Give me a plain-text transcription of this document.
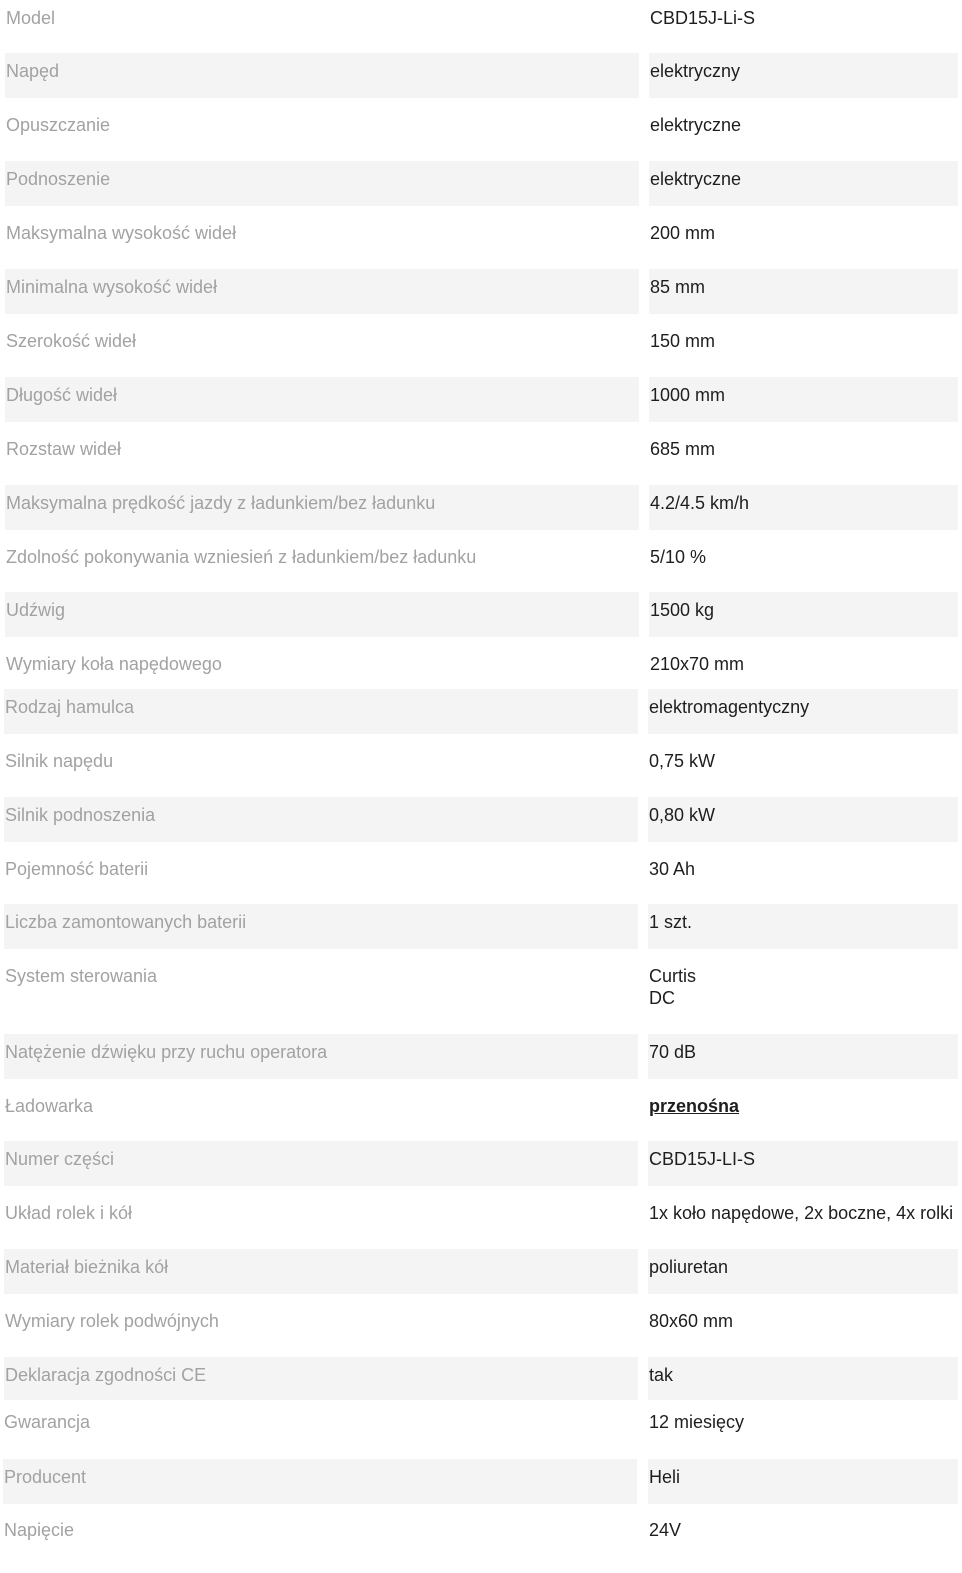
Model	CBD15J-Li-S
Napęd	elektryczny
Opuszczanie	elektryczne
Podnoszenie	elektryczne
Maksymalna wysokość wideł	200 mm
Minimalna wysokość wideł	85 mm
Szerokość wideł	150 mm
Długość wideł	1000 mm
Rozstaw wideł	685 mm
Maksymalna prędkość jazdy z ładunkiem/bez ładunku	4.2/4.5 km/h
Zdolność pokonywania wzniesień z ładunkiem/bez ładunku	5/10 %
Udźwig	1500 kg
Wymiary koła napędowego	210x70 mm
Rodzaj hamulca	elektromagentyczny
Silnik napędu	0,75 kW
Silnik podnoszenia	0,80 kW
Pojemność baterii	30 Ah
Liczba zamontowanych baterii	1 szt.
System sterowania	Curtis
DC
Natężenie dźwięku przy ruchu operatora	70 dB
Ładowarka	przenośna
Numer części	CBD15J-LI-S
Układ rolek i kół	1x koło napędowe, 2x boczne, 4x rolki
Materiał bieżnika kół	poliuretan
Wymiary rolek podwójnych	80x60 mm
Deklaracja zgodności CE	tak
Gwarancja	12 miesięcy
Producent	Heli
Napięcie	24V
